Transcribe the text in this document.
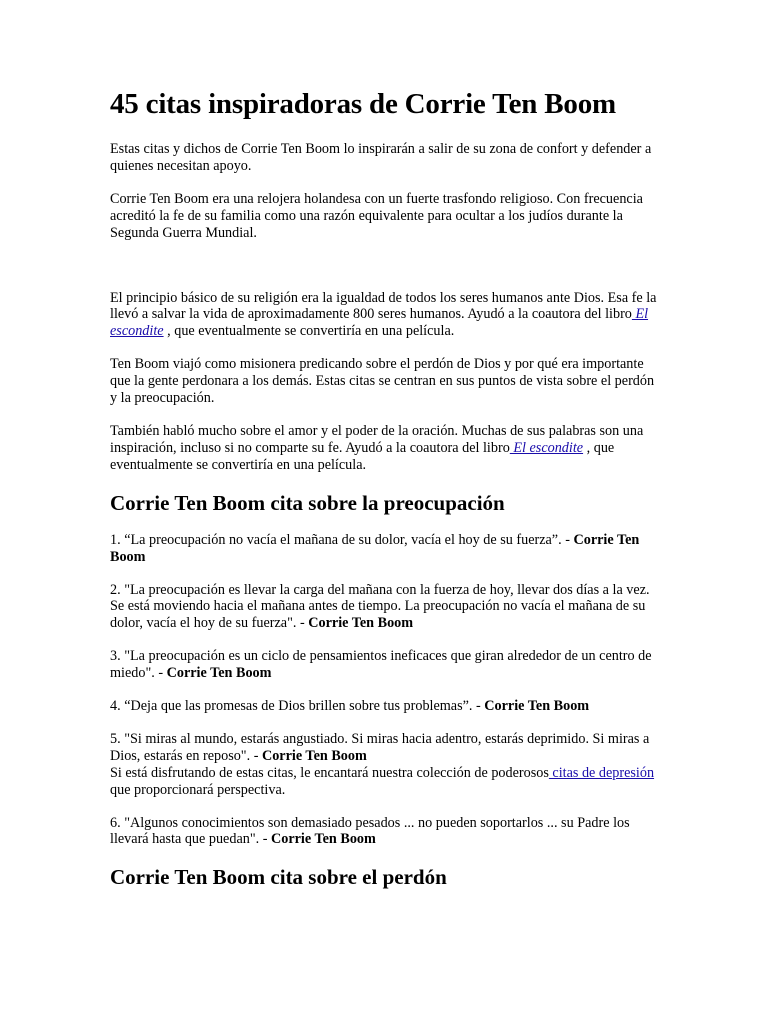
45 citas inspiradoras de Corrie Ten Boom

Estas citas y dichos de Corrie Ten Boom lo inspirarán a salir de su zona de confort y defender a quienes necesitan apoyo.

Corrie Ten Boom era una relojera holandesa con un fuerte trasfondo religioso. Con frecuencia acreditó la fe de su familia como una razón equivalente para ocultar a los judíos durante la Segunda Guerra Mundial.

El principio básico de su religión era la igualdad de todos los seres humanos ante Dios. Esa fe la llevó a salvar la vida de aproximadamente 800 seres humanos. Ayudó a la coautora del libro El escondite , que eventualmente se convertiría en una película.

Ten Boom viajó como misionera predicando sobre el perdón de Dios y por qué era importante que la gente perdonara a los demás. Estas citas se centran en sus puntos de vista sobre el perdón y la preocupación.

También habló mucho sobre el amor y el poder de la oración. Muchas de sus palabras son una inspiración, incluso si no comparte su fe. Ayudó a la coautora del libro El escondite , que eventualmente se convertiría en una película.

Corrie Ten Boom cita sobre la preocupación

1. “La preocupación no vacía el mañana de su dolor, vacía el hoy de su fuerza”. - Corrie Ten Boom

2. "La preocupación es llevar la carga del mañana con la fuerza de hoy, llevar dos días a la vez. Se está moviendo hacia el mañana antes de tiempo. La preocupación no vacía el mañana de su dolor, vacía el hoy de su fuerza". - Corrie Ten Boom

3. "La preocupación es un ciclo de pensamientos ineficaces que giran alrededor de un centro de miedo". - Corrie Ten Boom

4. “Deja que las promesas de Dios brillen sobre tus problemas”. - Corrie Ten Boom

5. "Si miras al mundo, estarás angustiado. Si miras hacia adentro, estarás deprimido. Si miras a Dios, estarás en reposo". - Corrie Ten Boom
Si está disfrutando de estas citas, le encantará nuestra colección de poderosos citas de depresión que proporcionará perspectiva.

6. "Algunos conocimientos son demasiado pesados ... no pueden soportarlos ... su Padre los llevará hasta que puedan". - Corrie Ten Boom

Corrie Ten Boom cita sobre el perdón
